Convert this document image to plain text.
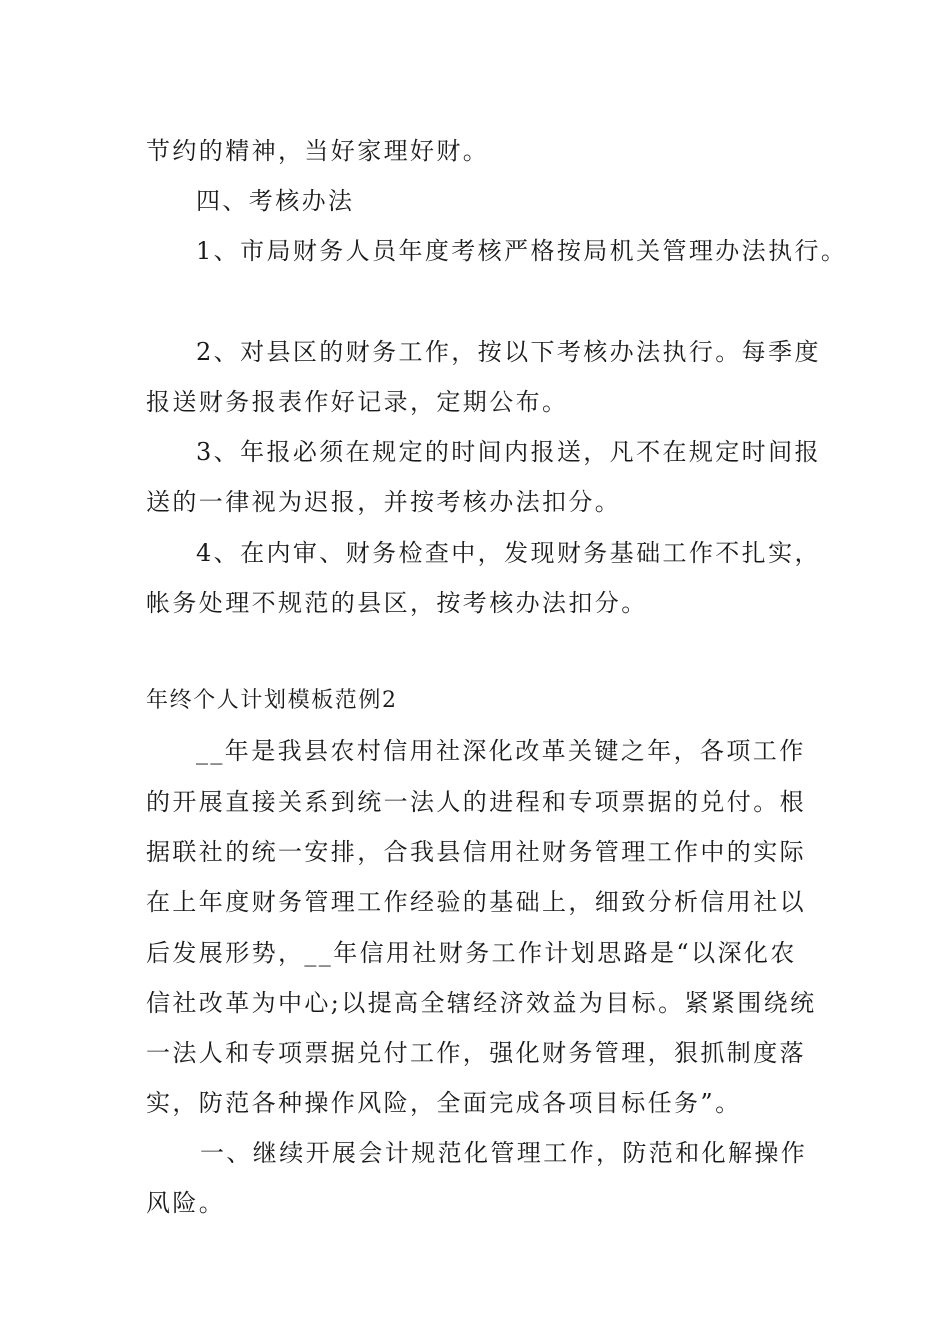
节约的精神，当好家理好财。
四、考核办法
1、市局财务人员年度考核严格按局机关管理办法执行。
2、对县区的财务工作，按以下考核办法执行。每季度
报送财务报表作好记录，定期公布。
3、年报必须在规定的时间内报送，凡不在规定时间报
送的一律视为迟报，并按考核办法扣分。
4、在内审、财务检查中，发现财务基础工作不扎实，
帐务处理不规范的县区，按考核办法扣分。
年终个人计划模板范例2
__年是我县农村信用社深化改革关键之年，各项工作
的开展直接关系到统一法人的进程和专项票据的兑付。根
据联社的统一安排，合我县信用社财务管理工作中的实际
在上年度财务管理工作经验的基础上，细致分析信用社以
后发展形势，__年信用社财务工作计划思路是“以深化农
信社改革为中心;以提高全辖经济效益为目标。紧紧围绕统
一法人和专项票据兑付工作，强化财务管理，狠抓制度落
实，防范各种操作风险，全面完成各项目标任务”。
一、继续开展会计规范化管理工作，防范和化解操作
风险。
